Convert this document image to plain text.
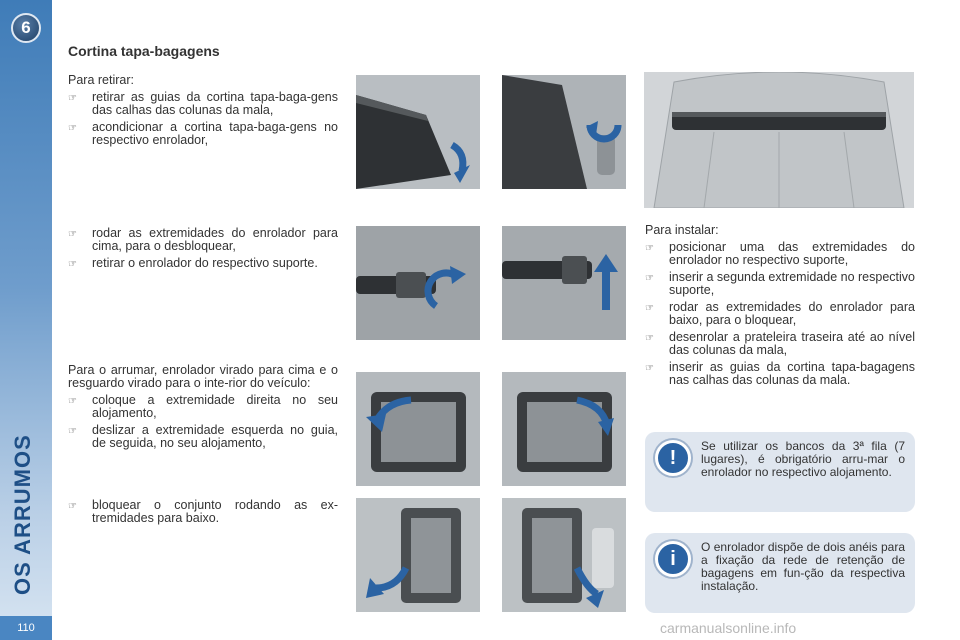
6
OS ARRUMOS
110
Cortina tapa-bagagens

Para retirar:

☞	retirar as guias da cortina tapa-baga-gens das calhas das colunas da mala,
☞	acondicionar a cortina tapa-baga-gens no respectivo enrolador,
☞	rodar as extremidades do enrolador para cima, para o desbloquear,
☞	retirar o enrolador do respectivo suporte.

Para o arrumar, enrolador virado para cima e o resguardo virado para o inte-rior do veículo:

☞	coloque a extremidade direita no seu alojamento,
☞	deslizar a extremidade esquerda no guia, de seguida, no seu alojamento,
☞	bloquear o conjunto rodando as ex-tremidades para baixo.

Para instalar:

☞	posicionar uma das extremidades do enrolador no respectivo suporte,
☞	inserir a segunda extremidade no respectivo suporte,
☞	rodar as extremidades do enrolador para baixo, para o bloquear,
☞	desenrolar a prateleira traseira até ao nível das colunas da mala,
☞	inserir as guias da cortina tapa-bagagens nas calhas das colunas da mala.
!
Se utilizar os bancos da 3ª fila (7 lugares), é obrigatório arru-mar o enrolador no respectivo alojamento.
i
O enrolador dispõe de dois anéis para a fixação da rede de retenção de bagagens em fun-ção da respectiva instalação.
carmanualsonline.info
